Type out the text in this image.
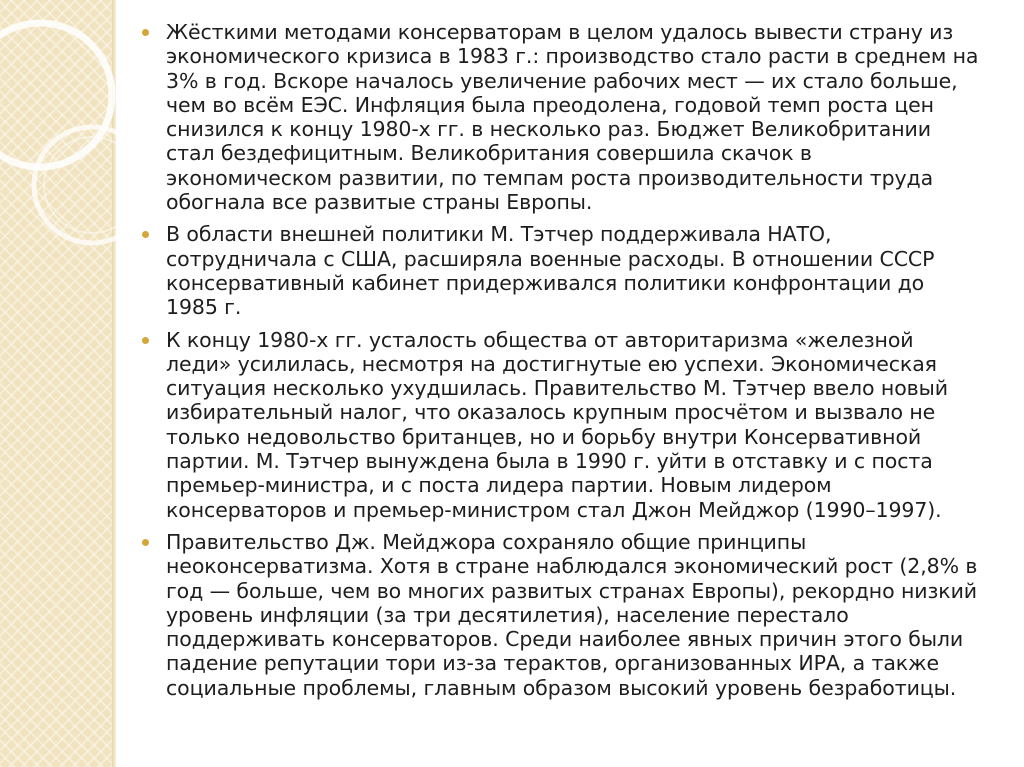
Жёсткими методами консерваторам в целом удалось вывести страну из экономического кризиса в 1983 г.: производство стало расти в среднем на 3% в год. Вскоре началось увеличение рабочих мест — их стало больше, чем во всём ЕЭС. Инфляция была преодолена, годовой темп роста цен снизился к концу 1980-х гг. в несколько раз. Бюджет Великобритании стал бездефицитным. Великобритания совершила скачок в экономическом развитии, по темпам роста производительности труда обогнала все развитые страны Европы.
В области внешней политики М. Тэтчер поддерживала НАТО, сотрудничала с США, расширяла военные расходы. В отношении СССР консервативный кабинет придерживался политики конфронтации до 1985 г.
К концу 1980-х гг. усталость общества от авторитаризма «железной леди» усилилась, несмотря на достигнутые ею успехи. Экономическая ситуация несколько ухудшилась. Правительство М. Тэтчер ввело новый избирательный налог, что оказалось крупным просчётом и вызвало не только недовольство британцев, но и борьбу внутри Консервативной партии. М. Тэтчер вынуждена была в 1990 г. уйти в отставку и с поста премьер-министра, и с поста лидера партии. Новым лидером консерваторов и премьер-министром стал Джон Мейджор (1990–1997).
Правительство Дж. Мейджора сохраняло общие принципы неоконсерватизма. Хотя в стране наблюдался экономический рост (2,8% в год — больше, чем во многих развитых странах Европы), рекордно низкий уровень инфляции (за три десятилетия), население перестало поддерживать консерваторов. Среди наиболее явных причин этого были падение репутации тори из-за терактов, организованных ИРА, а также социальные проблемы, главным образом высокий уровень безработицы.
